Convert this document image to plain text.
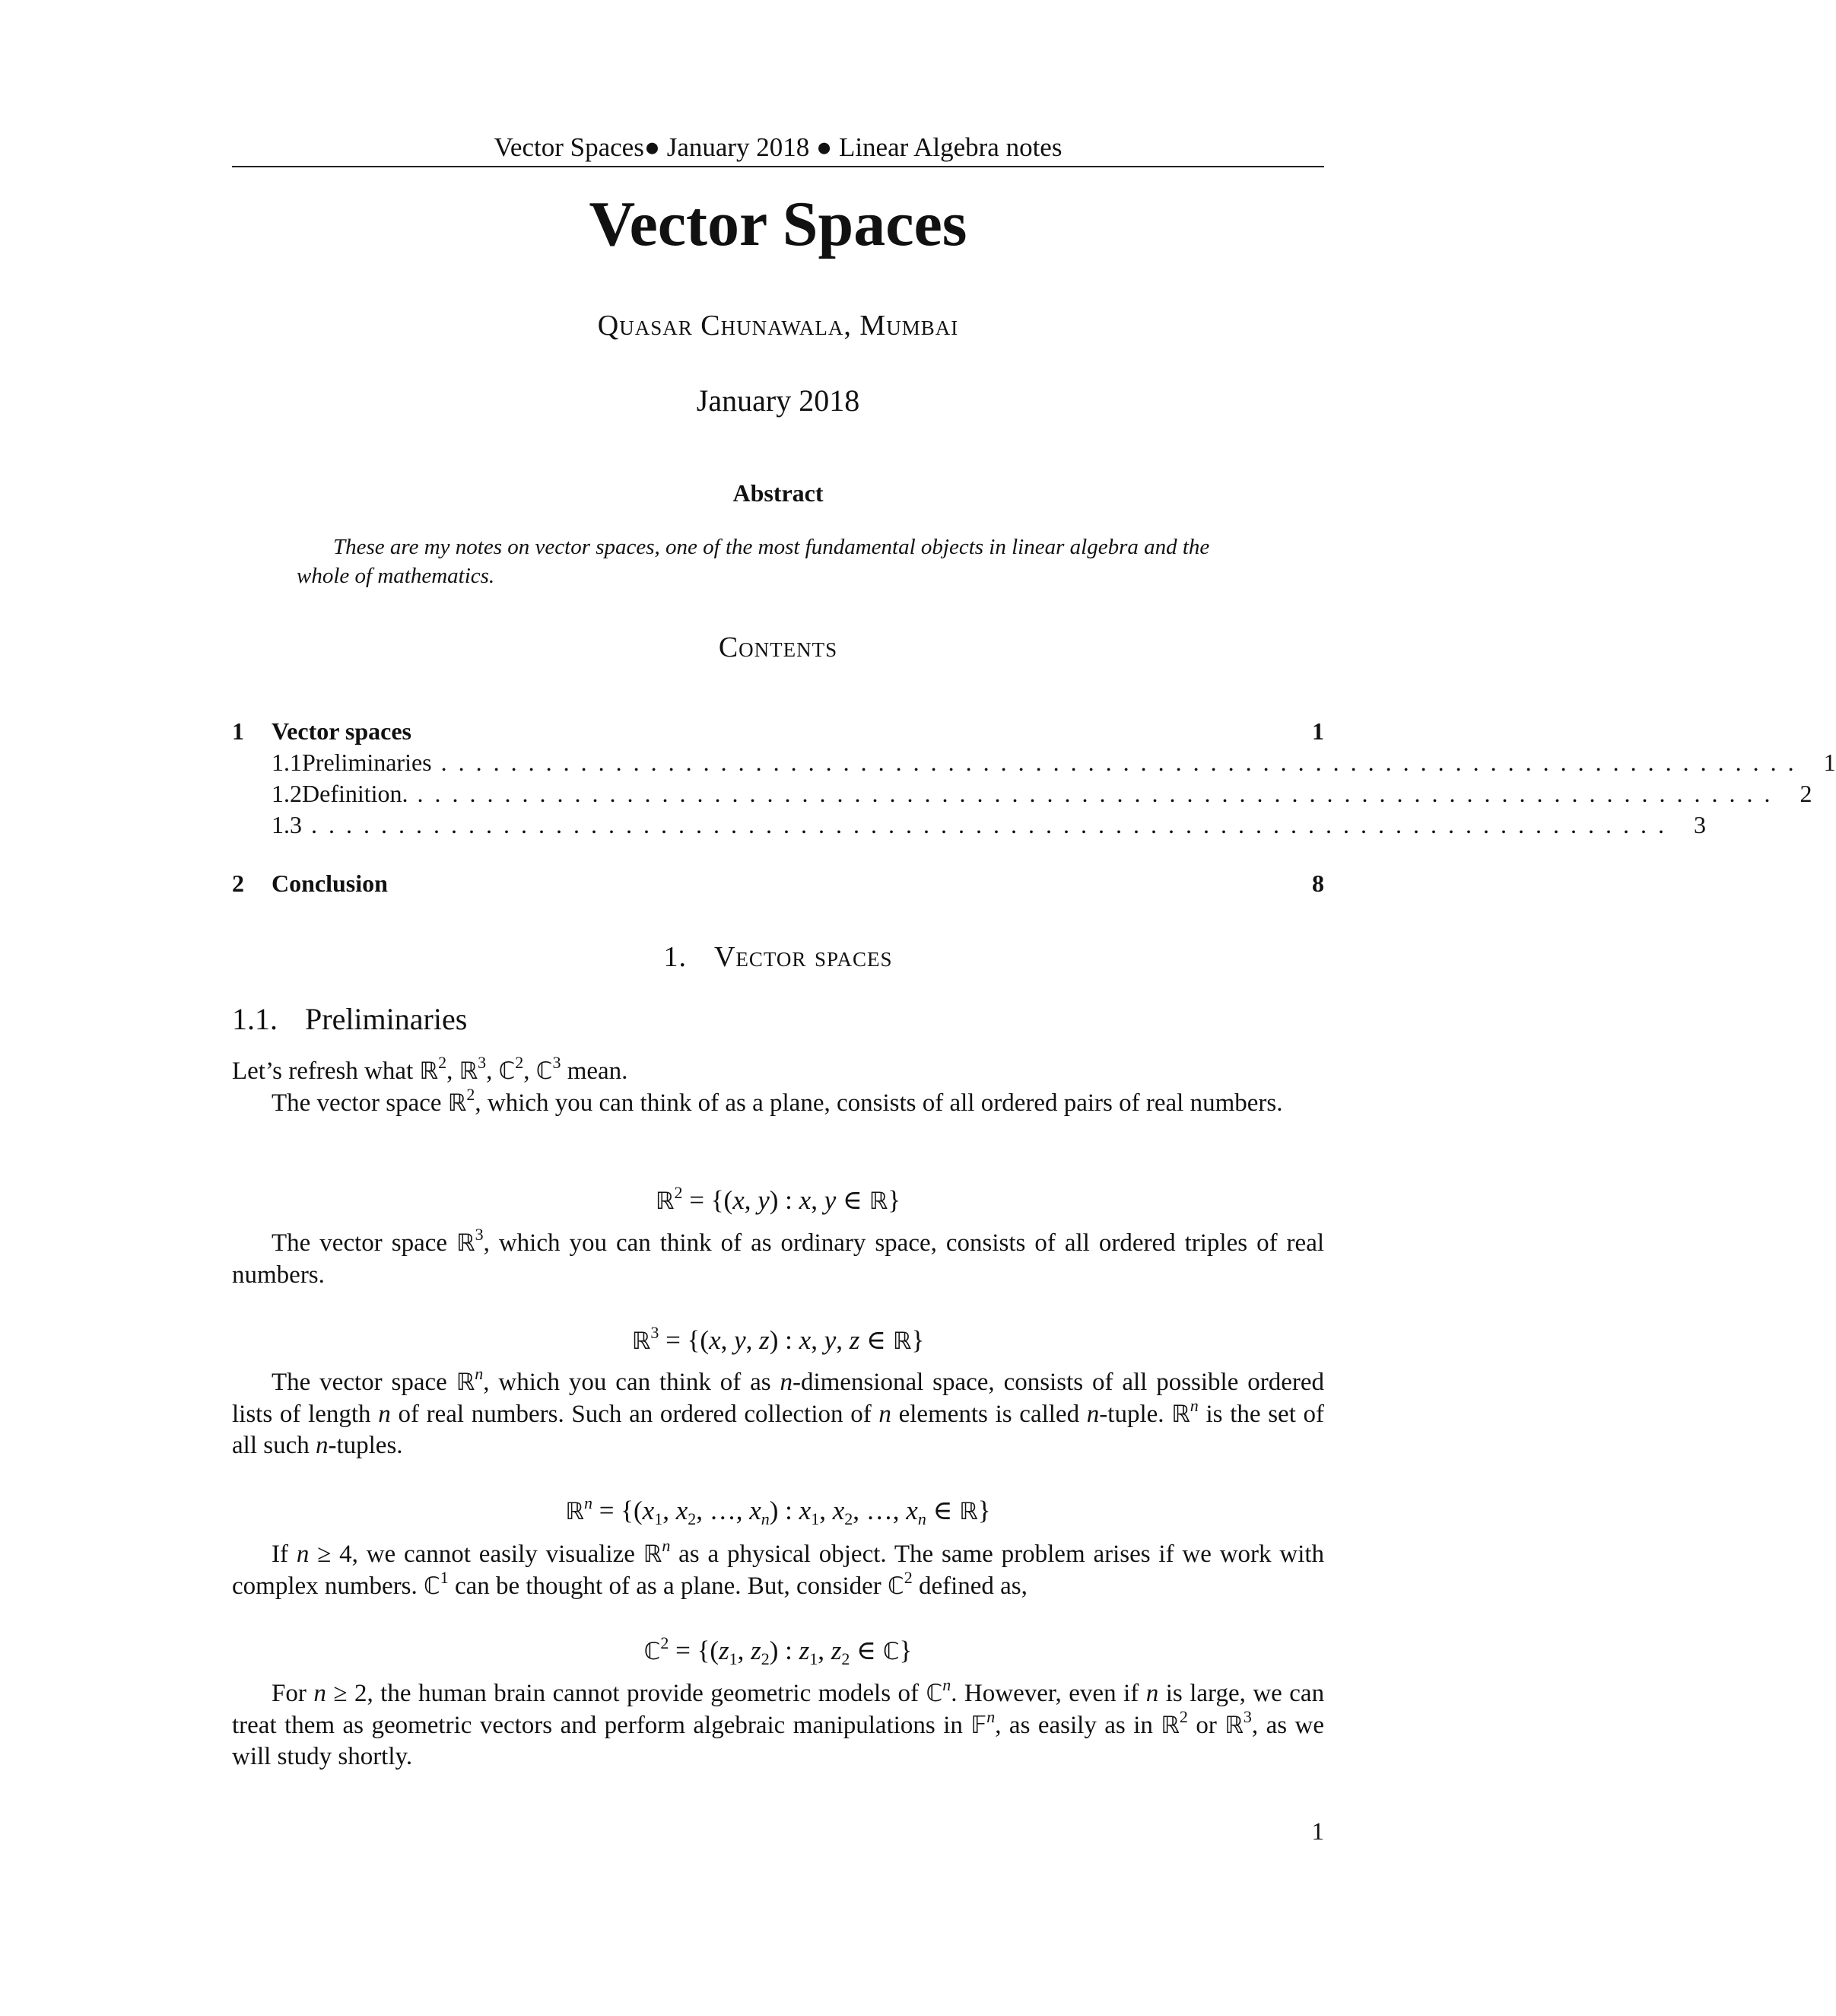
Vector Spaces● January 2018 ● Linear Algebra notes
Vector Spaces
Quasar Chunawala, Mumbai
January 2018
Abstract
These are my notes on vector spaces, one of the most fundamental objects in linear algebra and the whole of mathematics.
Contents
1	Vector spaces	1
1.1 Preliminaries .............................................................................. 1
1.2 Definition. .............................................................................. 2
1.3 .............................................................................. 3
2	Conclusion	8
1. Vector spaces
1.1. Preliminaries
Let’s refresh what ℝ$^2$, ℝ$^3$, ℂ$^2$, ℂ$^3$ mean.
The vector space ℝ$^2$, which you can think of as a plane, consists of all ordered pairs of real numbers.
ℝ$^2$ = {(x, y) : x, y ∈ ℝ}
The vector space ℝ$^3$, which you can think of as ordinary space, consists of all ordered triples of real numbers.
ℝ$^3$ = {(x, y, z) : x, y, z ∈ ℝ}
The vector space ℝ$^n$, which you can think of as n-dimensional space, consists of all possible ordered lists of length n of real numbers. Such an ordered collection of n elements is called n-tuple. ℝ$^n$ is the set of all such n-tuples.
ℝ$^n$ = {($x_1$, $x_2$, …, $x_n$) : $x_1$, $x_2$, …, $x_n$ ∈ ℝ}
If n ≥ 4, we cannot easily visualize ℝ$^n$ as a physical object. The same problem arises if we work with complex numbers. ℂ$^1$ can be thought of as a plane. But, consider ℂ$^2$ defined as,
ℂ$^2$ = {($z_1$, $z_2$) : $z_1$, $z_2$ ∈ ℂ}
For n ≥ 2, the human brain cannot provide geometric models of ℂ$^n$. However, even if n is large, we can treat them as geometric vectors and perform algebraic manipulations in 𝔽$^n$, as easily as in ℝ$^2$ or ℝ$^3$, as we will study shortly.
1
